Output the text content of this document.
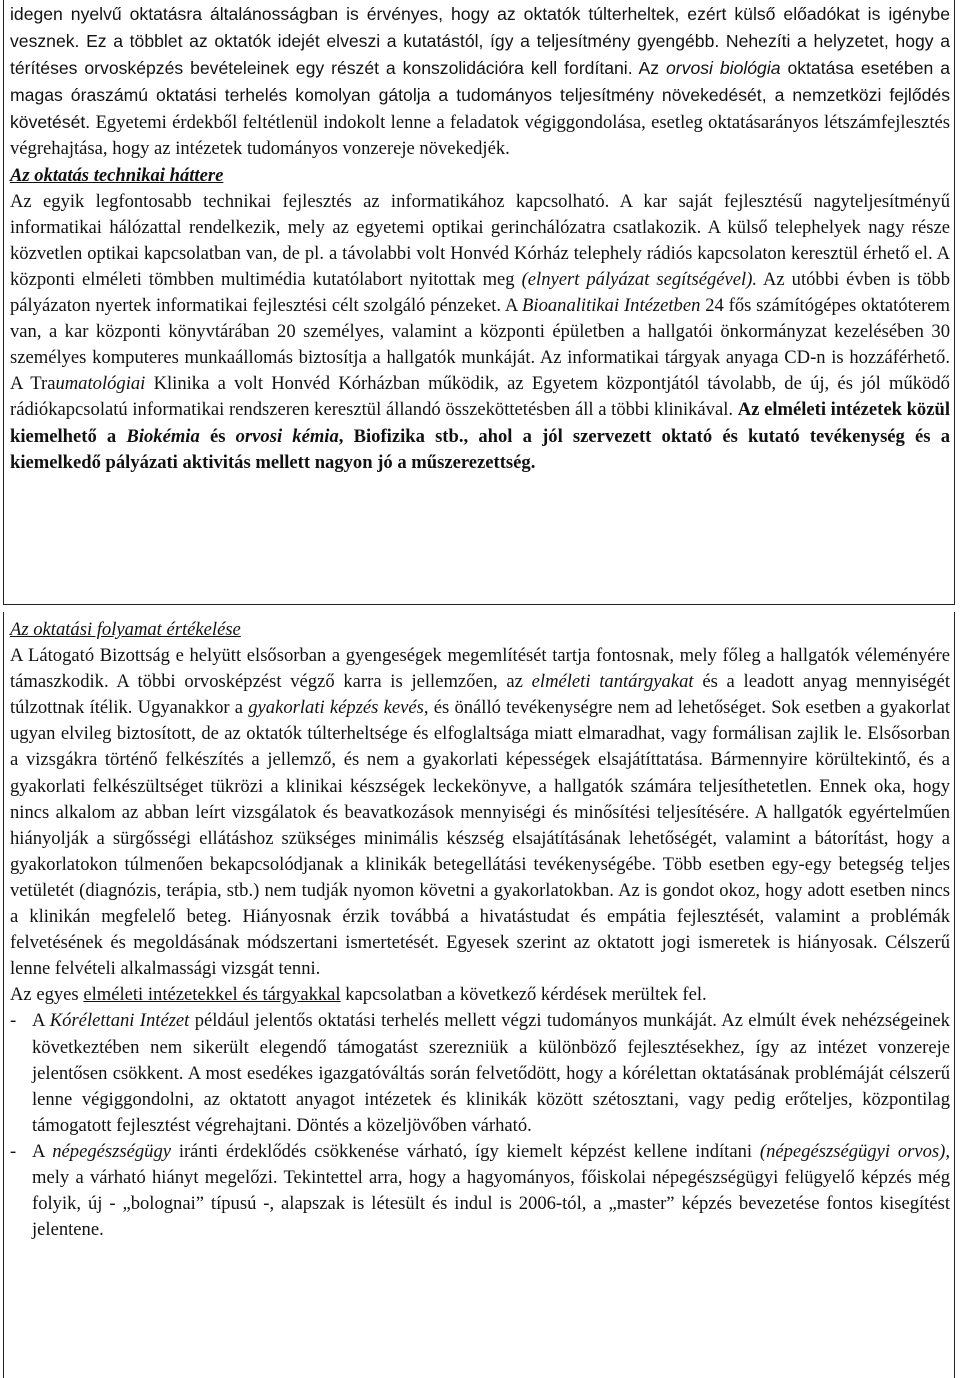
idegen nyelvű oktatásra általánosságban is érvényes, hogy az oktatók túlterheltek, ezért külső előadókat is igénybe vesznek. Ez a többlet az oktatók idejét elveszi a kutatástól, így a teljesítmény gyengébb. Nehezíti a helyzetet, hogy a térítéses orvosképzés bevételeinek egy részét a konszolidációra kell fordítani. Az orvosi biológia oktatása esetében a magas óraszámú oktatási terhelés komolyan gátolja a tudományos teljesítmény növekedését, a nemzetközi fejlődés követését. Egyetemi érdekből feltétlenül indokolt lenne a feladatok végiggondolása, esetleg oktatásarányos létszámfejlesztés végrehajtása, hogy az intézetek tudományos vonzereje növekedjék.

Az oktatás technikai háttere

Az egyik legfontosabb technikai fejlesztés az informatikához kapcsolható. A kar saját fejlesztésű nagyteljesítményű informatikai hálózattal rendelkezik, mely az egyetemi optikai gerinchálózatra csatlakozik. A külső telephelyek nagy része közvetlen optikai kapcsolatban van, de pl. a távolabbi volt Honvéd Kórház telephely rádiós kapcsolaton keresztül érhető el. A központi elméleti tömbben multimédia kutatólabort nyitottak meg (elnyert pályázat segítségével). Az utóbbi évben is több pályázaton nyertek informatikai fejlesztési célt szolgáló pénzeket. A Bioanalitikai Intézetben 24 fős számítógépes oktatóterem van, a kar központi könyvtárában 20 személyes, valamint a központi épületben a hallgatói önkormányzat kezelésében 30 személyes komputeres munkaállomás biztosítja a hallgatók munkáját. Az informatikai tárgyak anyaga CD-n is hozzáférhető. A Traumatológiai Klinika a volt Honvéd Kórházban működik, az Egyetem központjától távolabb, de új, és jól működő rádiókapcsolatú informatikai rendszeren keresztül állandó összeköttetésben áll a többi klinikával. Az elméleti intézetek közül kiemelhető a Biokémia és orvosi kémia, Biofizika stb., ahol a jól szervezett oktató és kutató tevékenység és a kiemelkedő pályázati aktivitás mellett nagyon jó a műszerezettség.

Az oktatási folyamat értékelése

A Látogató Bizottság e helyütt elsősorban a gyengeségek megemlítését tartja fontosnak, mely főleg a hallgatók véleményére támaszkodik. A többi orvosképzést végző karra is jellemzően, az elméleti tantárgyakat és a leadott anyag mennyiségét túlzottnak ítélik. Ugyanakkor a gyakorlati képzés kevés, és önálló tevékenységre nem ad lehetőséget. Sok esetben a gyakorlat ugyan elvileg biztosított, de az oktatók túlterheltsége és elfoglaltsága miatt elmaradhat, vagy formálisan zajlik le. Elsősorban a vizsgákra történő felkészítés a jellemző, és nem a gyakorlati képességek elsajátíttatása. Bármennyire körültekintő, és a gyakorlati felkészültséget tükrözi a klinikai készségek leckekönyve, a hallgatók számára teljesíthetetlen. Ennek oka, hogy nincs alkalom az abban leírt vizsgálatok és beavatkozások mennyiségi és minősítési teljesítésére. A hallgatók egyértelműen hiányolják a sürgősségi ellátáshoz szükséges minimális készség elsajátításának lehetőségét, valamint a bátorítást, hogy a gyakorlatokon túlmenően bekapcsolódjanak a klinikák betegellátási tevékenységébe. Több esetben egy-egy betegség teljes vetületét (diagnózis, terápia, stb.) nem tudják nyomon követni a gyakorlatokban. Az is gondot okoz, hogy adott esetben nincs a klinikán megfelelő beteg. Hiányosnak érzik továbbá a hivatástudat és empátia fejlesztését, valamint a problémák felvetésének és megoldásának módszertani ismertetését. Egyesek szerint az oktatott jogi ismeretek is hiányosak. Célszerű lenne felvételi alkalmassági vizsgát tenni.

Az egyes elméleti intézetekkel és tárgyakkal kapcsolatban a következő kérdések merültek fel.

- A Kórélettani Intézet például jelentős oktatási terhelés mellett végzi tudományos munkáját. Az elmúlt évek nehézségeinek következtében nem sikerült elegendő támogatást szerezniük a különböző fejlesztésekhez, így az intézet vonzereje jelentősen csökkent. A most esedékes igazgatóváltás során felvetődött, hogy a kórélettan oktatásának problémáját célszerű lenne végiggondolni, az oktatott anyagot intézetek és klinikák között szétosztani, vagy pedig erőteljes, központilag támogatott fejlesztést végrehajtani. Döntés a közeljövőben várható.

- A népegészségügy iránti érdeklődés csökkenése várható, így kiemelt képzést kellene indítani (népegészségügyi orvos), mely a várható hiányt megelőzi. Tekintettel arra, hogy a hagyományos, főiskolai népegészségügyi felügyelő képzés még folyik, új - „bolognai” típusú -, alapszak is létesült és indul is 2006-tól, a „master” képzés bevezetése fontos kisegítést jelentene.
